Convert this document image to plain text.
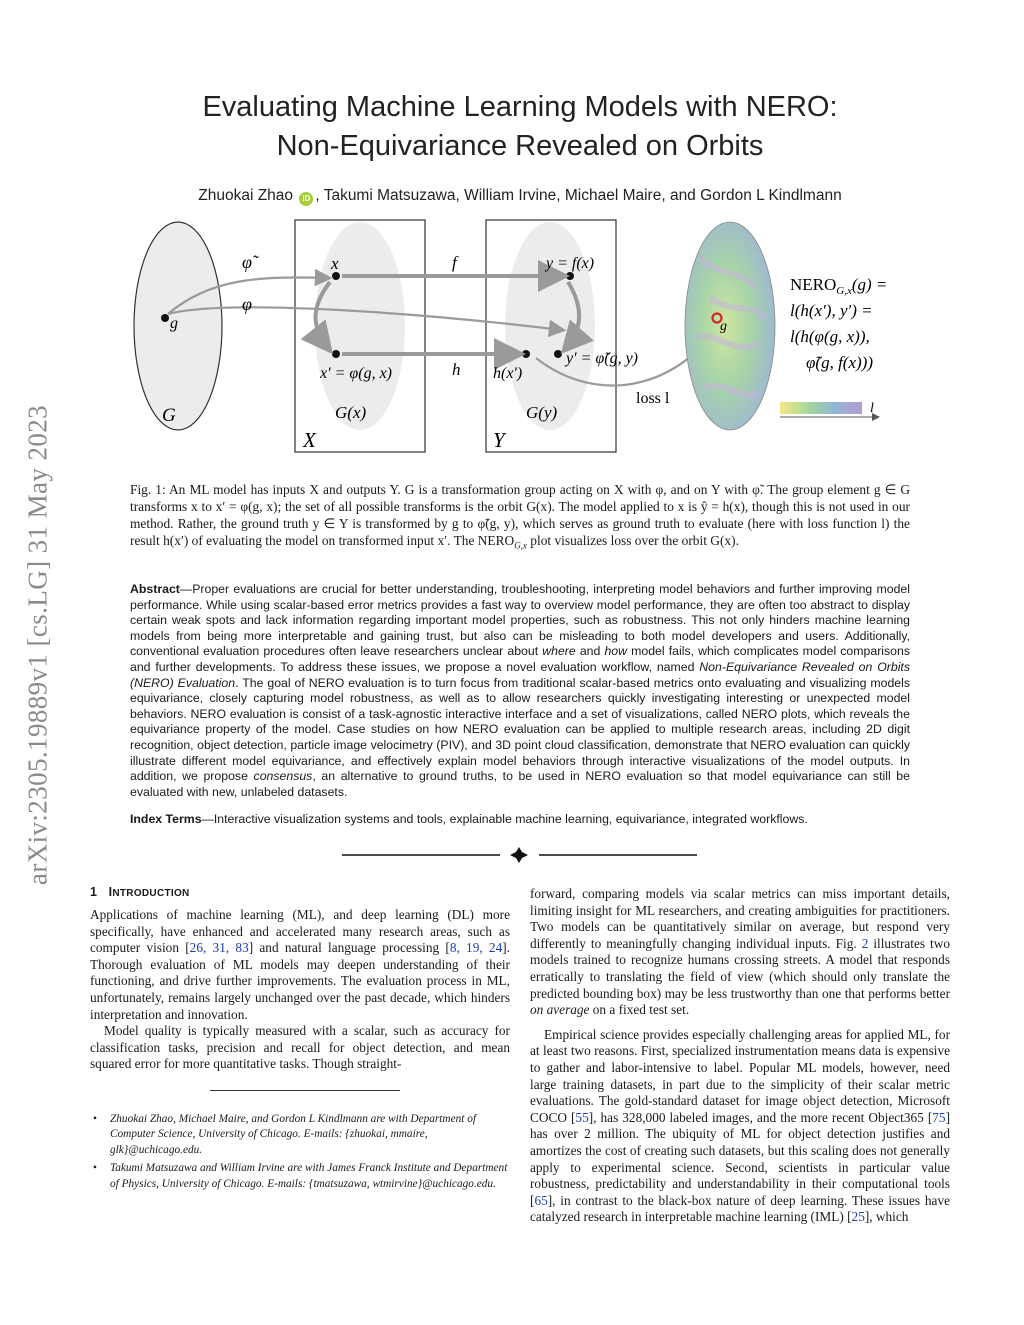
arXiv:2305.19889v1 [cs.LG] 31 May 2023
Evaluating Machine Learning Models with NERO:
Non-Equivariance Revealed on Orbits
Zhuokai Zhao iD , Takumi Matsuzawa, William Irvine, Michael Maire, and Gordon L Kindlmann
g
G
X
G(x)
Y
G(y)
φ̃
φ
x	f	y = f(x)
x′ = φ(g, x)	h h(x′)
y′ = φ̃(g, y)
loss l
g
$NERO_{G,x}(g)$ =
l(h(x′), y′) =
l(h(φ(g, x)),
φ̃(g, f(x)))
l
Fig. 1: An ML model has inputs X and outputs Y. G is a transformation group acting on X with φ, and on Y with φ̃. The group element g ∈ G transforms x to x′ = φ(g, x); the set of all possible transforms is the orbit G(x). The model applied to x is ŷ = h(x), though this is not used in our method. Rather, the ground truth y ∈ Y is transformed by g to φ̃(g, y), which serves as ground truth to evaluate (here with loss function l) the result h(x′) of evaluating the model on transformed input x′. The $NERO_{G,x}$ plot visualizes loss over the orbit G(x).
Abstract—Proper evaluations are crucial for better understanding, troubleshooting, interpreting model behaviors and further improving model performance. While using scalar-based error metrics provides a fast way to overview model performance, they are often too abstract to display certain weak spots and lack information regarding important model properties, such as robustness. This not only hinders machine learning models from being more interpretable and gaining trust, but also can be misleading to both model developers and users. Additionally, conventional evaluation procedures often leave researchers unclear about where and how model fails, which complicates model comparisons and further developments. To address these issues, we propose a novel evaluation workflow, named Non-Equivariance Revealed on Orbits (NERO) Evaluation. The goal of NERO evaluation is to turn focus from traditional scalar-based metrics onto evaluating and visualizing models equivariance, closely capturing model robustness, as well as to allow researchers quickly investigating interesting or unexpected model behaviors. NERO evaluation is consist of a task-agnostic interactive interface and a set of visualizations, called NERO plots, which reveals the equivariance property of the model. Case studies on how NERO evaluation can be applied to multiple research areas, including 2D digit recognition, object detection, particle image velocimetry (PIV), and 3D point cloud classification, demonstrate that NERO evaluation can quickly illustrate different model equivariance, and effectively explain model behaviors through interactive visualizations of the model outputs. In addition, we propose consensus, an alternative to ground truths, to be used in NERO evaluation so that model equivariance can still be evaluated with new, unlabeled datasets.
Index Terms—Interactive visualization systems and tools, explainable machine learning, equivariance, integrated workflows.
1 INTRODUCTION

Applications of machine learning (ML), and deep learning (DL) more specifically, have enhanced and accelerated many research areas, such as computer vision [26, 31, 83] and natural language processing [8, 19, 24]. Thorough evaluation of ML models may deepen understanding of their functioning, and drive further improvements. The evaluation process in ML, unfortunately, remains largely unchanged over the past decade, which hinders interpretation and innovation.

Model quality is typically measured with a scalar, such as accuracy for classification tasks, precision and recall for object detection, and mean squared error for more quantitative tasks. Though straight-

• Zhuokai Zhao, Michael Maire, and Gordon L Kindlmann are with Department of Computer Science, University of Chicago. E-mails: {zhuokai, mmaire, glk}@uchicago.edu.
• Takumi Matsuzawa and William Irvine are with James Franck Institute and Department of Physics, University of Chicago. E-mails: {tmatsuzawa, wtmirvine}@uchicago.edu.

forward, comparing models via scalar metrics can miss important details, limiting insight for ML researchers, and creating ambiguities for practitioners. Two models can be quantitatively similar on average, but respond very differently to meaningfully changing individual inputs. Fig. 2 illustrates two models trained to recognize humans crossing streets. A model that responds erratically to translating the field of view (which should only translate the predicted bounding box) may be less trustworthy than one that performs better on average on a fixed test set.

Empirical science provides especially challenging areas for applied ML, for at least two reasons. First, specialized instrumentation means data is expensive to gather and labor-intensive to label. Popular ML models, however, need large training datasets, in part due to the simplicity of their scalar metric evaluations. The gold-standard dataset for image object detection, Microsoft COCO [55], has 328,000 labeled images, and the more recent Object365 [75] has over 2 million. The ubiquity of ML for object detection justifies and amortizes the cost of creating such datasets, but this scaling does not generally apply to experimental science. Second, scientists in particular value robustness, predictability and understandability in their computational tools [65], in contrast to the black-box nature of deep learning. These issues have catalyzed research in interpretable machine learning (IML) [25], which
